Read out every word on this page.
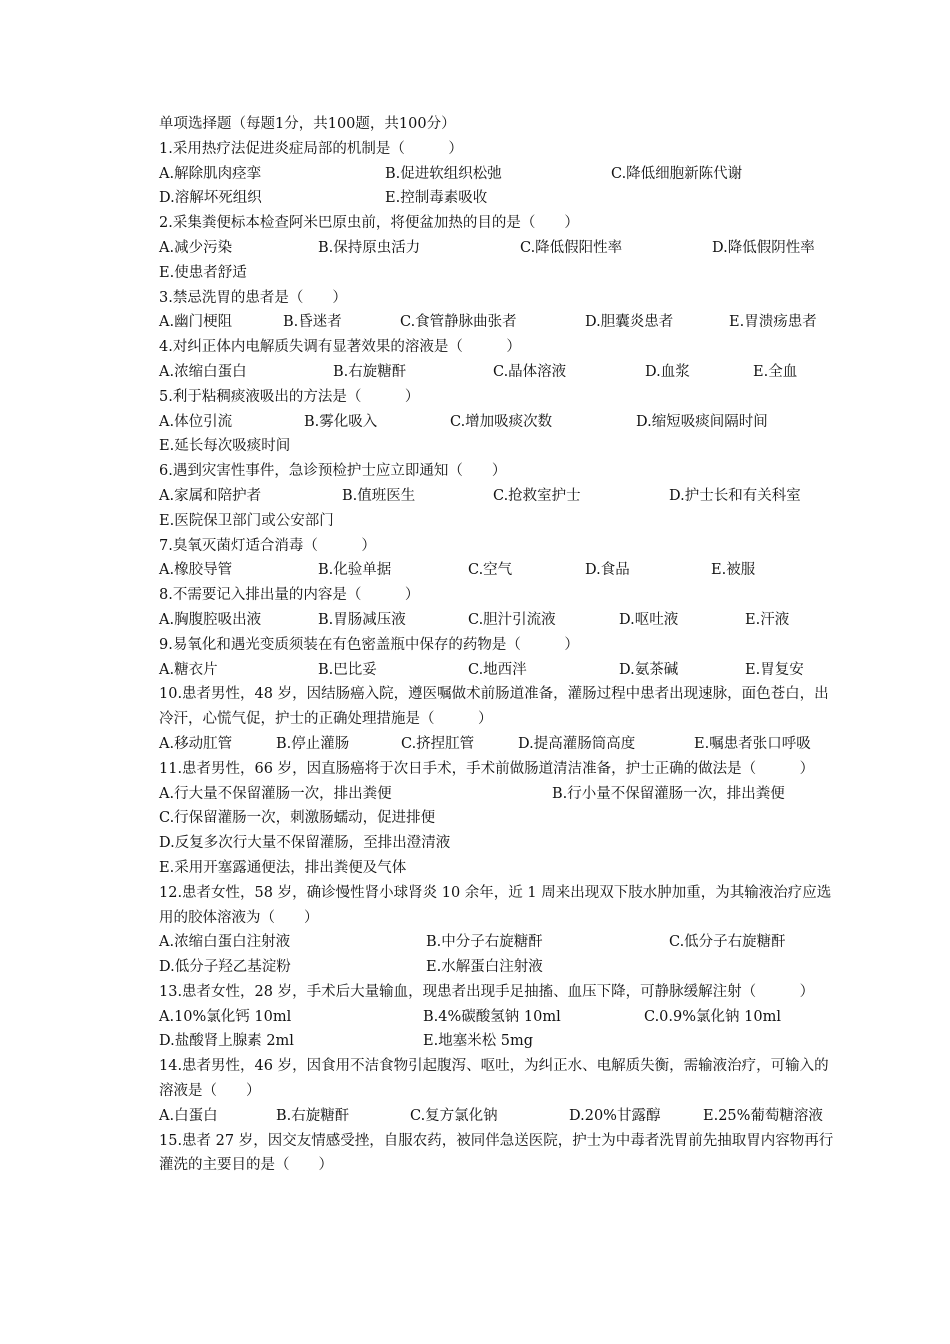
单项选择题（每题1分，共100题，共100分）
1.采用热疗法促进炎症局部的机制是（　　　）
A.解除肌肉痉挛	B.促进软组织松弛	C.降低细胞新陈代谢
D.溶解坏死组织	E.控制毒素吸收
2.采集粪便标本检查阿米巴原虫前，将便盆加热的目的是（　　）
A.减少污染	B.保持原虫活力	C.降低假阳性率	D.降低假阴性率
E.使患者舒适
3.禁忌洗胃的患者是（　　）
A.幽门梗阻	B.昏迷者	C.食管静脉曲张者	D.胆囊炎患者	E.胃溃疡患者
4.对纠正体内电解质失调有显著效果的溶液是（　　　）
A.浓缩白蛋白	B.右旋糖酐	C.晶体溶液	D.血浆	E.全血
5.利于粘稠痰液吸出的方法是（　　　）
A.体位引流	B.雾化吸入	C.增加吸痰次数	D.缩短吸痰间隔时间
E.延长每次吸痰时间
6.遇到灾害性事件，急诊预检护士应立即通知（　　）
A.家属和陪护者	B.值班医生	C.抢救室护士	D.护士长和有关科室
E.医院保卫部门或公安部门
7.臭氧灭菌灯适合消毒（　　　）
A.橡胶导管	B.化验单据	C.空气	D.食品	E.被服
8.不需要记入排出量的内容是（　　　）
A.胸腹腔吸出液	B.胃肠减压液	C.胆汁引流液	D.呕吐液	E.汗液
9.易氧化和遇光变质须装在有色密盖瓶中保存的药物是（　　　）
A.糖衣片	B.巴比妥	C.地西泮	D.氨茶碱	E.胃复安
10.患者男性，48 岁，因结肠癌入院，遵医嘱做术前肠道准备，灌肠过程中患者出现速脉，面色苍白，出冷汗，心慌气促，护士的正确处理措施是（　　　）
A.移动肛管	B.停止灌肠	C.挤捏肛管	D.提高灌肠筒高度	E.嘱患者张口呼吸
11.患者男性，66 岁，因直肠癌将于次日手术，手术前做肠道清洁准备，护士正确的做法是（　　　）
A.行大量不保留灌肠一次，排出粪便	B.行小量不保留灌肠一次，排出粪便
C.行保留灌肠一次，刺激肠蠕动，促进排便
D.反复多次行大量不保留灌肠，至排出澄清液
E.采用开塞露通便法，排出粪便及气体
12.患者女性，58 岁，确诊慢性肾小球肾炎 10 余年，近 1 周来出现双下肢水肿加重，为其输液治疗应选用的胶体溶液为（　　）
A.浓缩白蛋白注射液	B.中分子右旋糖酐	C.低分子右旋糖酐
D.低分子羟乙基淀粉	E.水解蛋白注射液
13.患者女性，28 岁，手术后大量输血，现患者出现手足抽搐、血压下降，可静脉缓解注射（　　　）
A.10%氯化钙 10ml	B.4%碳酸氢钠 10ml	C.0.9%氯化钠 10ml
D.盐酸肾上腺素 2ml	E.地塞米松 5mg
14.患者男性，46 岁，因食用不洁食物引起腹泻、呕吐，为纠正水、电解质失衡，需输液治疗，可输入的溶液是（　　）
A.白蛋白	B.右旋糖酐	C.复方氯化钠	D.20%甘露醇	E.25%葡萄糖溶液
15.患者 27 岁，因交友情感受挫，自服农药，被同伴急送医院，护士为中毒者洗胃前先抽取胃内容物再行灌洗的主要目的是（　　）
